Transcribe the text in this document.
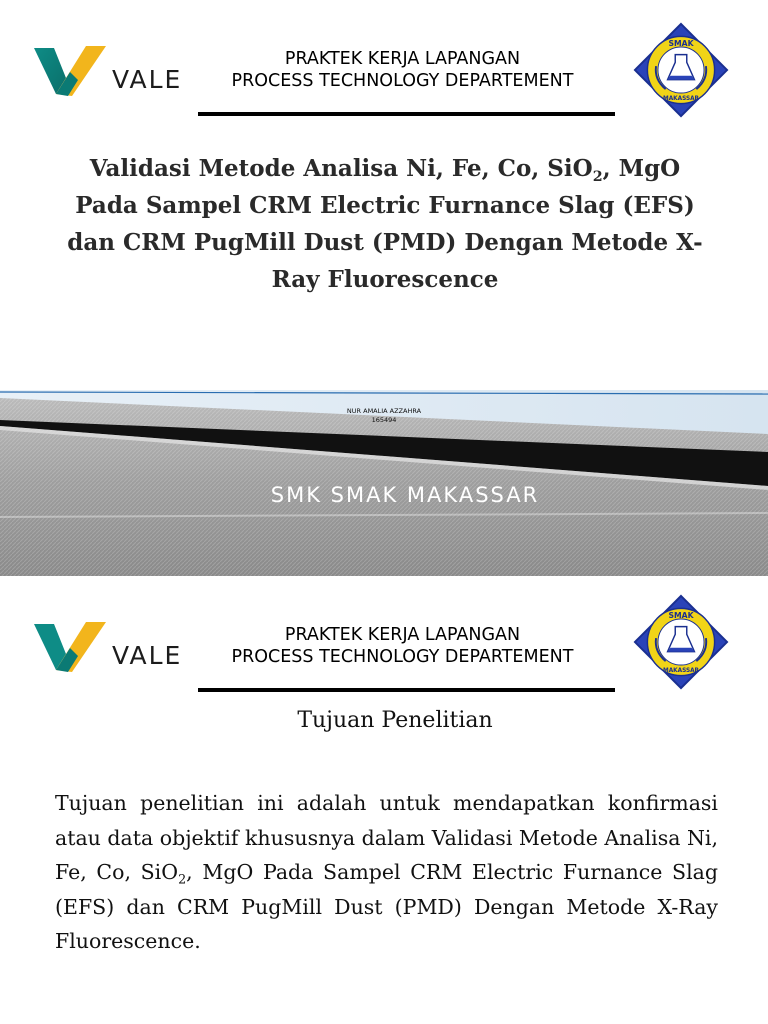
VALE
PRAKTEK KERJA LAPANGAN
PROCESS TECHNOLOGY DEPARTEMENT
SMAK
MAKASSAR
Validasi Metode Analisa Ni, Fe, Co, SiO$_2$, MgO
Pada Sampel CRM Electric Furnance Slag (EFS)
dan CRM PugMill Dust (PMD) Dengan Metode X-
Ray Fluorescence
NUR AMALIA AZZAHRA
165494
SMK SMAK MAKASSAR
VALE
PRAKTEK KERJA LAPANGAN
PROCESS TECHNOLOGY DEPARTEMENT
SMAK
MAKASSAR
Tujuan Penelitian
Tujuan penelitian ini adalah untuk mendapatkan konfirmasi atau data objektif khususnya dalam Validasi Metode Analisa Ni, Fe, Co, SiO$_2$, MgO Pada Sampel CRM Electric Furnance Slag (EFS) dan CRM PugMill Dust (PMD) Dengan Metode X-Ray Fluorescence.
